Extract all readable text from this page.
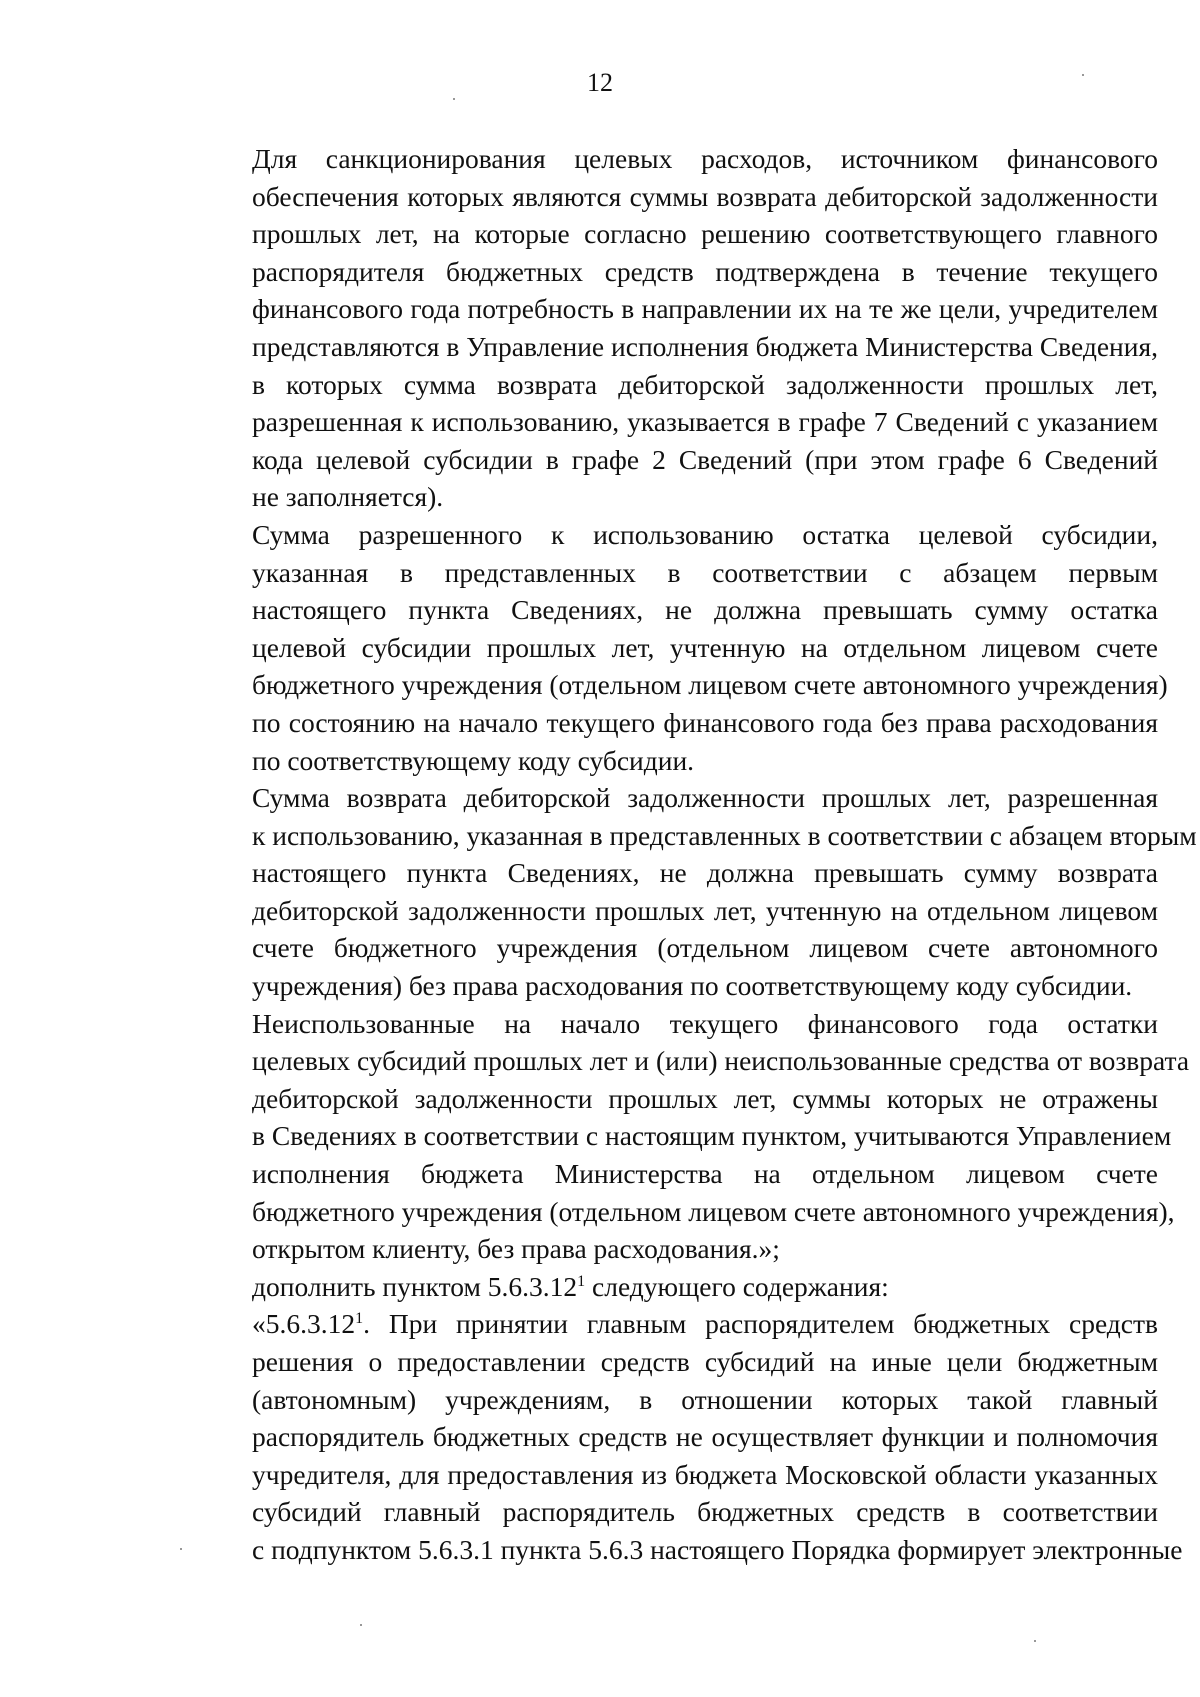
12
Для санкционирования целевых расходов, источником финансового
обеспечения которых являются суммы возврата дебиторской задолженности
прошлых лет, на которые согласно решению соответствующего главного
распорядителя бюджетных средств подтверждена в течение текущего
финансового года потребность в направлении их на те же цели, учредителем
представляются в Управление исполнения бюджета Министерства Сведения,
в которых сумма возврата дебиторской задолженности прошлых лет,
разрешенная к использованию, указывается в графе 7 Сведений с указанием
кода целевой субсидии в графе 2 Сведений (при этом графе 6 Сведений
не заполняется).
Сумма разрешенного к использованию остатка целевой субсидии,
указанная в представленных в соответствии с абзацем первым
настоящего пункта Сведениях, не должна превышать сумму остатка
целевой субсидии прошлых лет, учтенную на отдельном лицевом счете
бюджетного учреждения (отдельном лицевом счете автономного учреждения)
по состоянию на начало текущего финансового года без права расходования
по соответствующему коду субсидии.
Сумма возврата дебиторской задолженности прошлых лет, разрешенная
к использованию, указанная в представленных в соответствии с абзацем вторым
настоящего пункта Сведениях, не должна превышать сумму возврата
дебиторской задолженности прошлых лет, учтенную на отдельном лицевом
счете бюджетного учреждения (отдельном лицевом счете автономного
учреждения) без права расходования по соответствующему коду субсидии.
Неиспользованные на начало текущего финансового года остатки
целевых субсидий прошлых лет и (или) неиспользованные средства от возврата
дебиторской задолженности прошлых лет, суммы которых не отражены
в Сведениях в соответствии с настоящим пунктом, учитываются Управлением
исполнения бюджета Министерства на отдельном лицевом счете
бюджетного учреждения (отдельном лицевом счете автономного учреждения),
открытом клиенту, без права расходования.»;
дополнить пунктом 5.6.3.12$^1$ следующего содержания:
«5.6.3.12$^1$. При принятии главным распорядителем бюджетных средств
решения о предоставлении средств субсидий на иные цели бюджетным
(автономным) учреждениям, в отношении которых такой главный
распорядитель бюджетных средств не осуществляет функции и полномочия
учредителя, для предоставления из бюджета Московской области указанных
субсидий главный распорядитель бюджетных средств в соответствии
с подпунктом 5.6.3.1 пункта 5.6.3 настоящего Порядка формирует электронные
